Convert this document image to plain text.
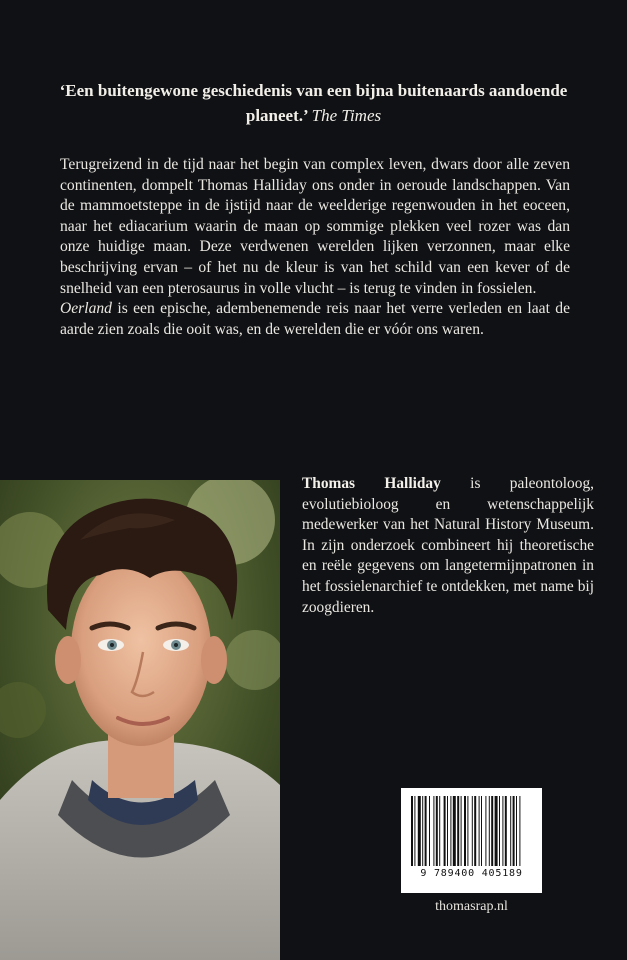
‘Een buitengewone geschiedenis van een bijna buitenaards aandoende planeet.’ The Times

Terugreizend in de tijd naar het begin van complex leven, dwars door alle zeven continenten, dompelt Thomas Halliday ons onder in oeroude landschappen. Van de mammoetsteppe in de ijstijd naar de weelderige regenwouden in het eoceen, naar het ediacarium waarin de maan op sommige plekken veel rozer was dan onze huidige maan. Deze verdwenen werelden lijken verzonnen, maar elke beschrijving ervan – of het nu de kleur is van het schild van een kever of de snelheid van een pterosaurus in volle vlucht – is terug te vinden in fossielen.

Oerland is een epische, adembenemende reis naar het verre verleden en laat de aarde zien zoals die ooit was, en de werelden die er vóór ons waren.

Thomas Halliday is paleontoloog, evolutiebioloog en wetenschappelijk medewerker van het Natural History Museum. In zijn onderzoek combineert hij theoretische en reële gegevens om langetermijnpatronen in het fossielenarchief te ontdekken, met name bij zoogdieren.
9 789400 405189
thomasrap.nl
